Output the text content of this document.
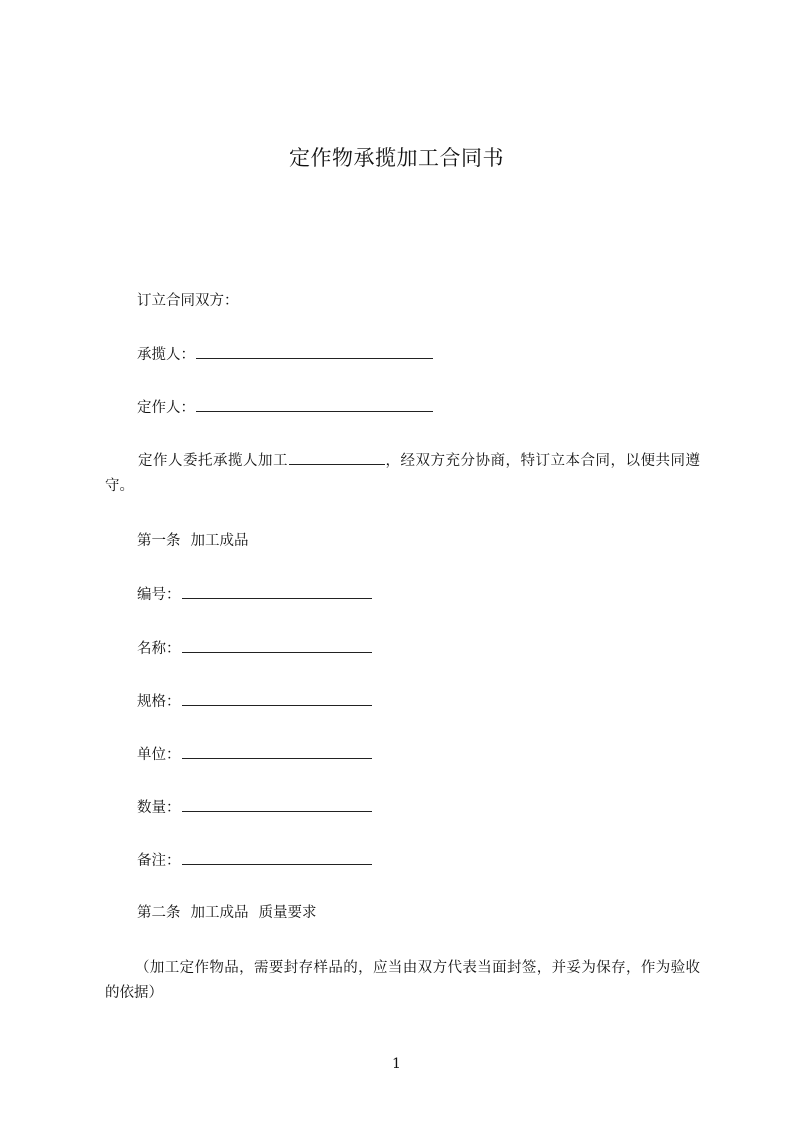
定作物承揽加工合同书
订立合同双方：
承揽人：
定作人：
定作人委托承揽人加工	，经双方充分协商，特订立本合同，以便共同遵守。
第一条 加工成品
编号：
名称：
规格：
单位：
数量：
备注：
第二条 加工成品 质量要求
（加工定作物品，需要封存样品的，应当由双方代表当面封签，并妥为保存，作为验收的依据）
1
